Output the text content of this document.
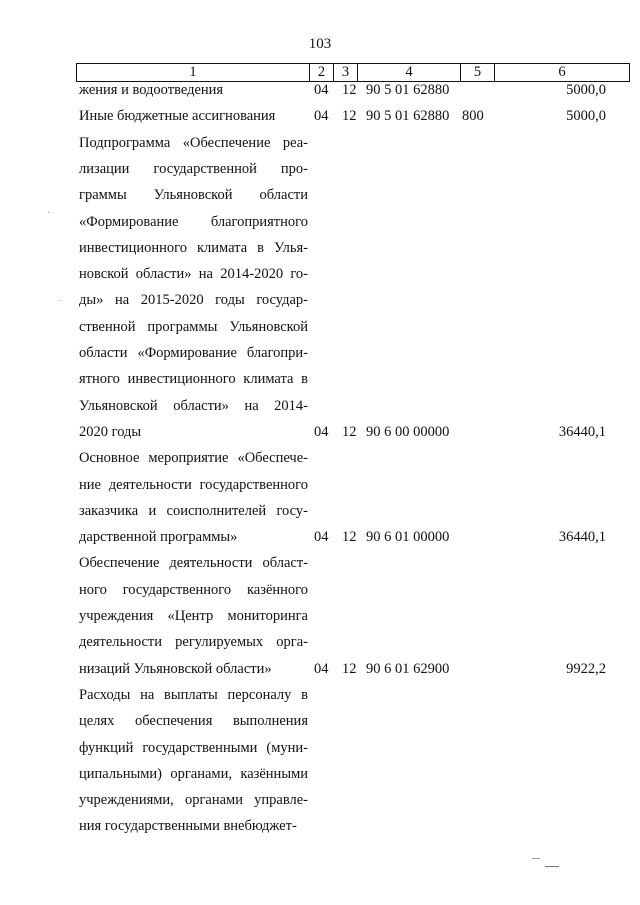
103
1	2	3	4	5	6
жения и водоотведения	04 12 90 5 01 62880	5000,0
Иные бюджетные ассигнования	04 12 90 5 01 62880 800	5000,0
Подпрограмма «Обеспечение реа-
лизации государственной про-
граммы Ульяновской области
«Формирование благоприятного
инвестиционного климата в Улья-
новской области» на 2014-2020 го-
ды» на 2015-2020 годы государ-
ственной программы Ульяновской
области «Формирование благопри-
ятного инвестиционного климата в
Ульяновской области» на 2014-
2020 годы	04 12 90 6 00 00000	36440,1
Основное мероприятие «Обеспече-
ние деятельности государственного
заказчика и соисполнителей госу-
дарственной программы»	04 12 90 6 01 00000	36440,1
Обеспечение деятельности област-
ного государственного казённого
учреждения «Центр мониторинга
деятельности регулируемых орга-
низаций Ульяновской области»	04 12 90 6 01 62900	9922,2
Расходы на выплаты персоналу в
целях обеспечения выполнения
функций государственными (муни-
ципальными) органами, казёнными
учреждениями, органами управле-
ния государственными внебюджет-
